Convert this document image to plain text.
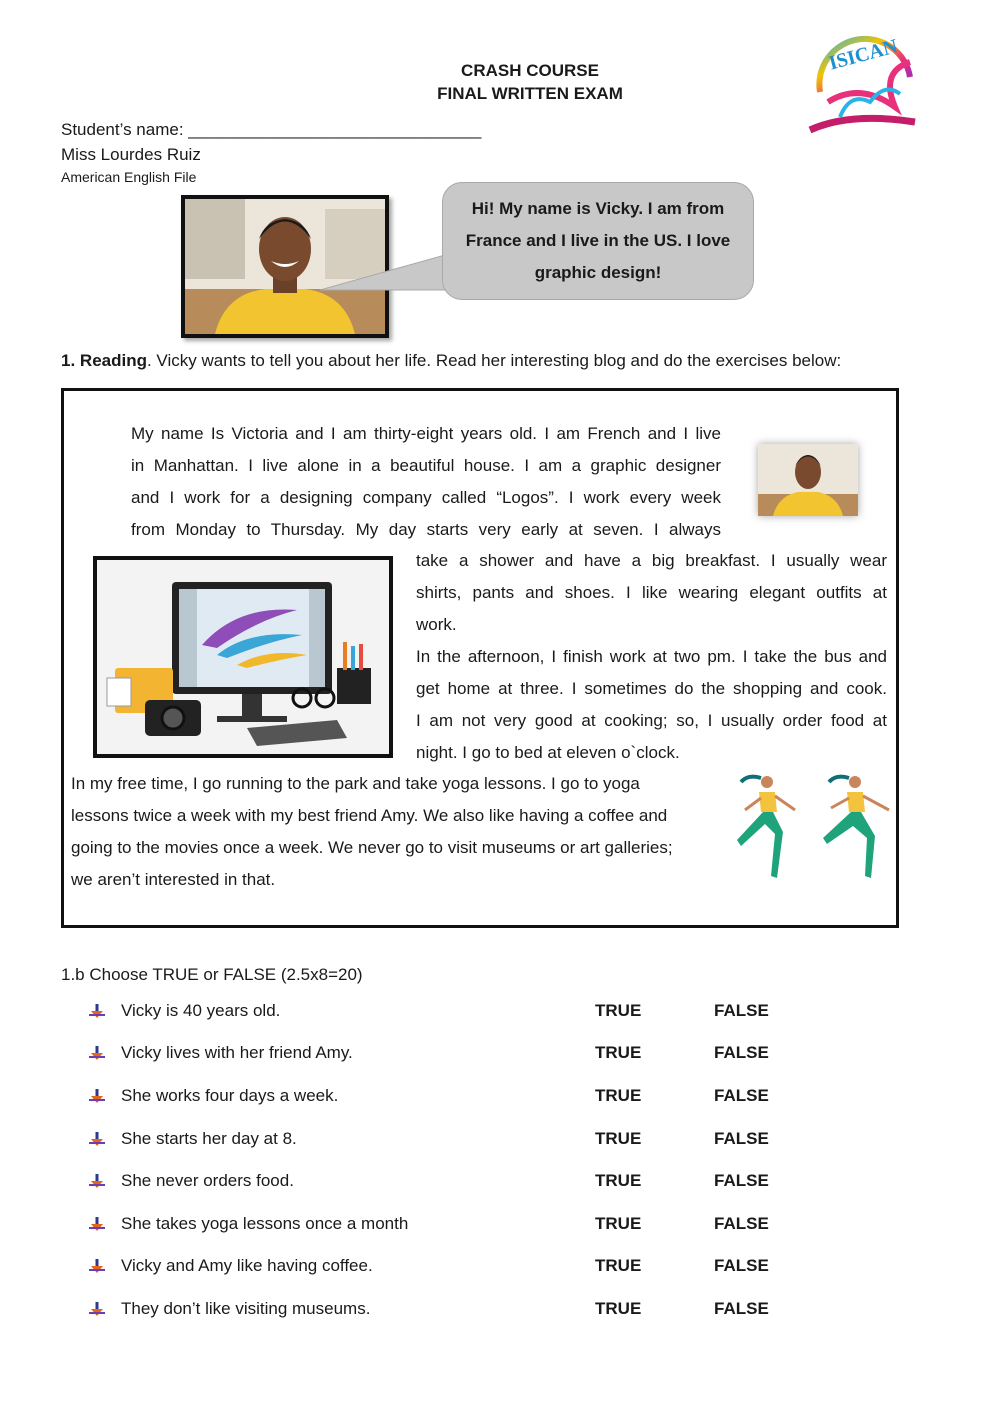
CRASH COURSE
FINAL WRITTEN EXAM
ISICAN
Student’s name: _______________________________
Miss Lourdes Ruiz
American English File
Hi! My name is Vicky. I am from France and I live in the US. I love graphic design!
1. Reading. Vicky wants to tell you about her life. Read her interesting blog and do the exercises below:
My name Is Victoria and I am thirty-eight years old. I am French and I live
in Manhattan. I live alone in a beautiful house. I am a graphic designer
and I work for a designing company called “Logos”. I work every week
from Monday to Thursday. My day starts very early at seven. I always
take a shower and have a big breakfast. I usually wear
shirts, pants and shoes. I like wearing elegant outfits at
work.
In the afternoon, I finish work at two pm. I take the bus and
get home at three. I sometimes do the shopping and cook.
I am not very good at cooking; so, I usually order food at
night. I go to bed at eleven o`clock.
In my free time, I go running to the park and take yoga lessons. I go to yoga
lessons twice a week with my best friend Amy. We also like having a coffee and
going to the movies once a week. We never go to visit museums or art galleries;
we aren’t interested in that.
1.b Choose TRUE or FALSE (2.5x8=20)
Vicky is 40 years old.	TRUE	FALSE
Vicky lives with her friend Amy.	TRUE	FALSE
She works four days a week.	TRUE	FALSE
She starts her day at 8.	TRUE	FALSE
She never orders food.	TRUE	FALSE
She takes yoga lessons once a month	TRUE	FALSE
Vicky and Amy like having coffee.	TRUE	FALSE
They don’t like visiting museums.	TRUE	FALSE
